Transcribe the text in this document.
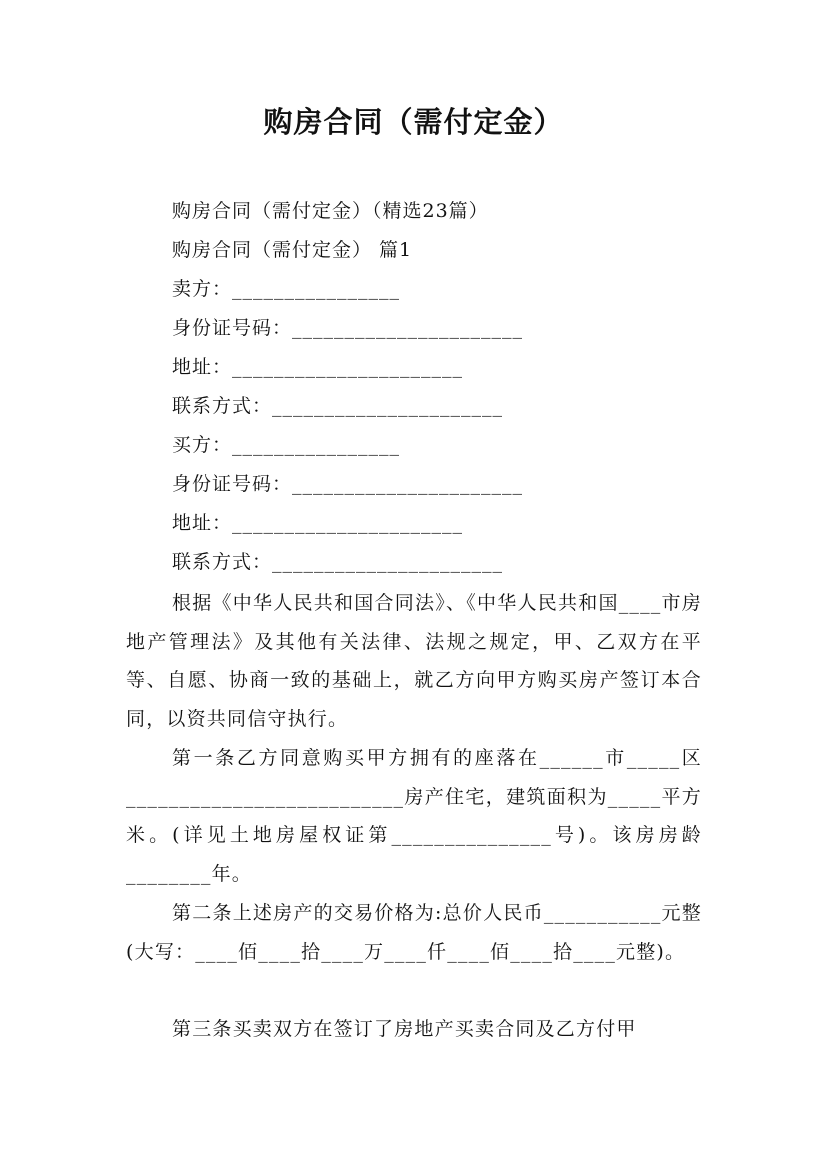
购房合同（需付定金）
购房合同（需付定金）（精选23篇）
购房合同（需付定金） 篇1
卖方：________________
身份证号码：______________________
地址：______________________
联系方式：______________________
买方：________________
身份证号码：______________________
地址：______________________
联系方式：______________________
根据《中华人民共和国合同法》、《中华人民共和国____市房地产管理法》及其他有关法律、法规之规定，甲、乙双方在平等、自愿、协商一致的基础上，就乙方向甲方购买房产签订本合同，以资共同信守执行。
第一条乙方同意购买甲方拥有的座落在______市_____区__________________________房产住宅，建筑面积为_____平方米。(详见土地房屋权证第_______________号)。该房房龄________年。
第二条上述房产的交易价格为:总价人民币___________元整(大写：____佰____拾____万____仟____佰____拾____元整)。
第三条买卖双方在签订了房地产买卖合同及乙方付甲
